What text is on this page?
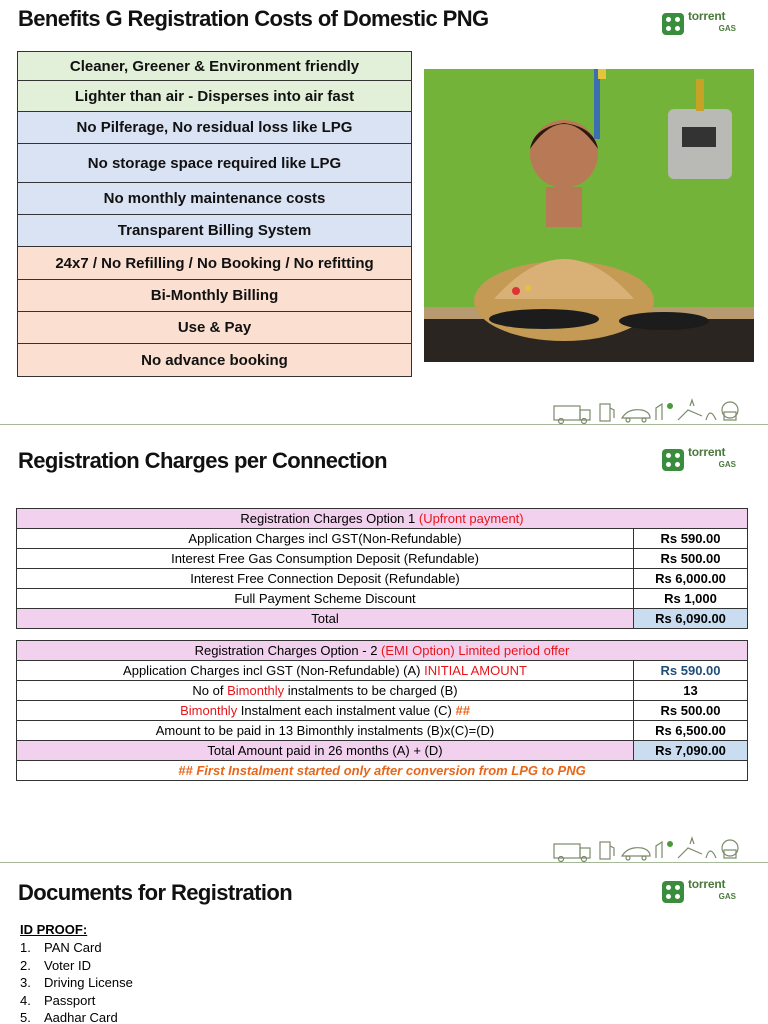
Benefits G Registration Costs of Domestic PNG	torrent
GAS
Cleaner, Greener & Environment friendly
Lighter than air - Disperses into air fast
No Pilferage, No residual loss like LPG
No storage space required like LPG
No monthly maintenance costs
Transparent Billing System
24x7 / No Refilling / No Booking / No refitting
Bi-Monthly Billing
Use & Pay
No advance booking
Registration Charges per Connection	torrent
GAS
Registration Charges Option 1 (Upfront payment)	
Application Charges incl GST(Non-Refundable)	Rs 590.00
Interest Free Gas Consumption Deposit (Refundable)	Rs 500.00
Interest Free Connection Deposit (Refundable)	Rs 6,000.00
Full Payment Scheme Discount	Rs 1,000
Total	Rs 6,090.00
Registration Charges Option - 2 (EMI Option) Limited period offer	
Application Charges incl GST (Non-Refundable) (A) INITIAL AMOUNT	Rs 590.00
No of Bimonthly instalments to be charged (B)	13
Bimonthly Instalment each instalment value (C) ##	Rs 500.00
Amount to be paid in 13 Bimonthly instalments (B)x(C)=(D)	Rs 6,500.00
Total Amount paid in 26 months (A) + (D)	Rs 7,090.00
## First Instalment started only after conversion from LPG to PNG	
Documents for Registration	torrent
GAS
ID PROOF:
1. PAN Card
2. Voter ID
3. Driving License
4. Passport
5. Aadhar Card
